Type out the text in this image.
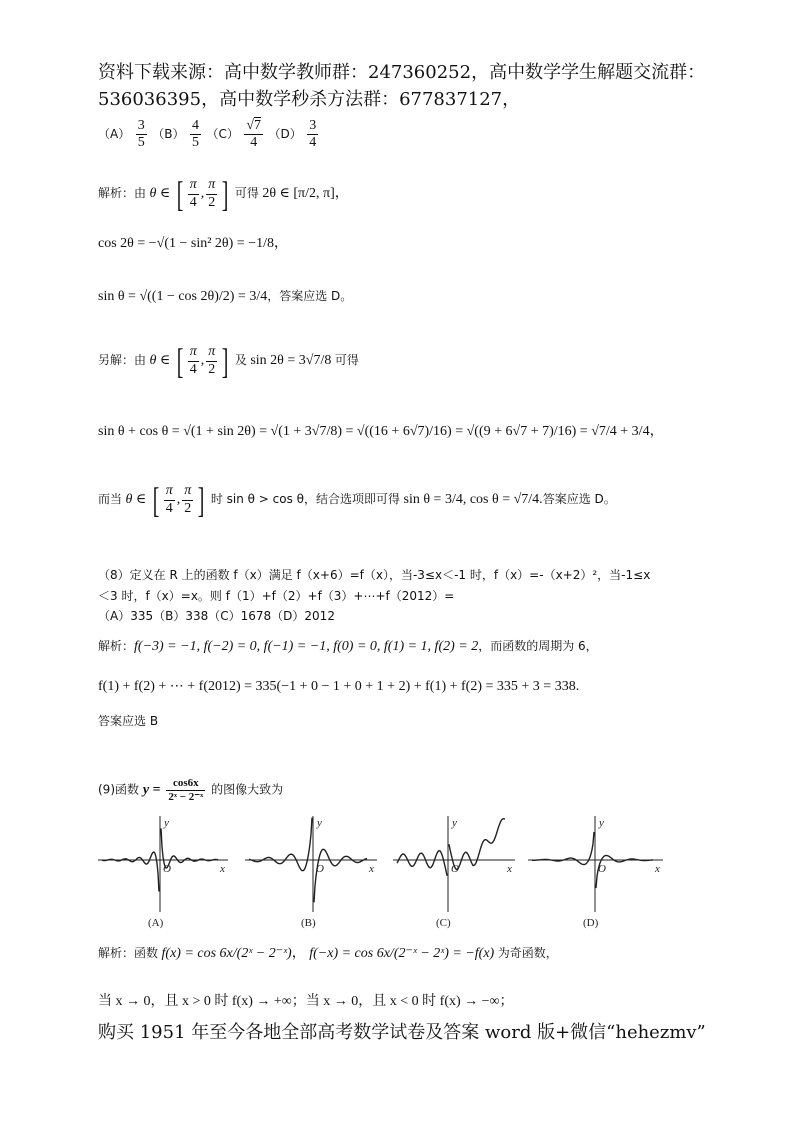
资料下载来源：高中数学教师群：247360252，高中数学学生解题交流群：
536036395，高中数学秒杀方法群：677837127，
$(A) \frac{3}{5} (B) \frac{4}{5} (C) \frac{√7}{4} (D) \frac{3}{4}$
解析：由 θ ∈ [ $\frac{\pi}{4}$ , $\frac{\pi}{2}$ ] 可得 2θ ∈ [π/2, π]，
cos 2θ = −√(1 − sin² 2θ) = −1/8，
sin θ = √((1 − cos 2θ)/2) = 3/4，答案应选 D。
另解：由 θ ∈ [ $\frac{\pi}{4}$ , $\frac{\pi}{2}$ ] 及 sin 2θ = 3√7/8 可得
sin θ + cos θ = √(1 + sin 2θ) = √(1 + 3√7/8) = √((16 + 6√7)/16) = √((9 + 6√7 + 7)/16) = √7/4 + 3/4，
而当 θ ∈ [ $\frac{\pi}{4}$ , $\frac{\pi}{2}$ ] 时 sin θ > cos θ，结合选项即可得 sin θ = 3/4, cos θ = √7/4.答案应选 D。
（8）定义在 R 上的函数 f（x）满足 f（x+6）=f（x），当-3≤x＜-1 时，f（x）=-（x+2）²，当-1≤x
＜3 时，f（x）=x。则 f（1）+f（2）+f（3）+⋯+f（2012）=
（A）335（B）338（C）1678（D）2012
解析：f(−3) = −1, f(−2) = 0, f(−1) = −1, f(0) = 0, f(1) = 1, f(2) = 2，而函数的周期为 6，
f(1) + f(2) + ⋯ + f(2012) = 335(−1 + 0 − 1 + 0 + 1 + 2) + f(1) + f(2) = 335 + 3 = 338.
答案应选 B
(9)函数 $y = \frac{\cos 6x}{\text{2ˣ − 2⁻ˣ}}$ 的图像大致为
x
y
O
(A)
x
y
O
(B)
x
y
O
(C)
x
y
O
(D)
解析：函数 f(x) = cos 6x/(2ˣ − 2⁻ˣ)， f(−x) = cos 6x/(2⁻ˣ − 2ˣ) = −f(x) 为奇函数，
当 x → 0，且 x > 0 时 f(x) → +∞；当 x → 0，且 x < 0 时 f(x) → −∞；
购买 1951 年至今各地全部高考数学试卷及答案 word 版+微信“hehezmv”
